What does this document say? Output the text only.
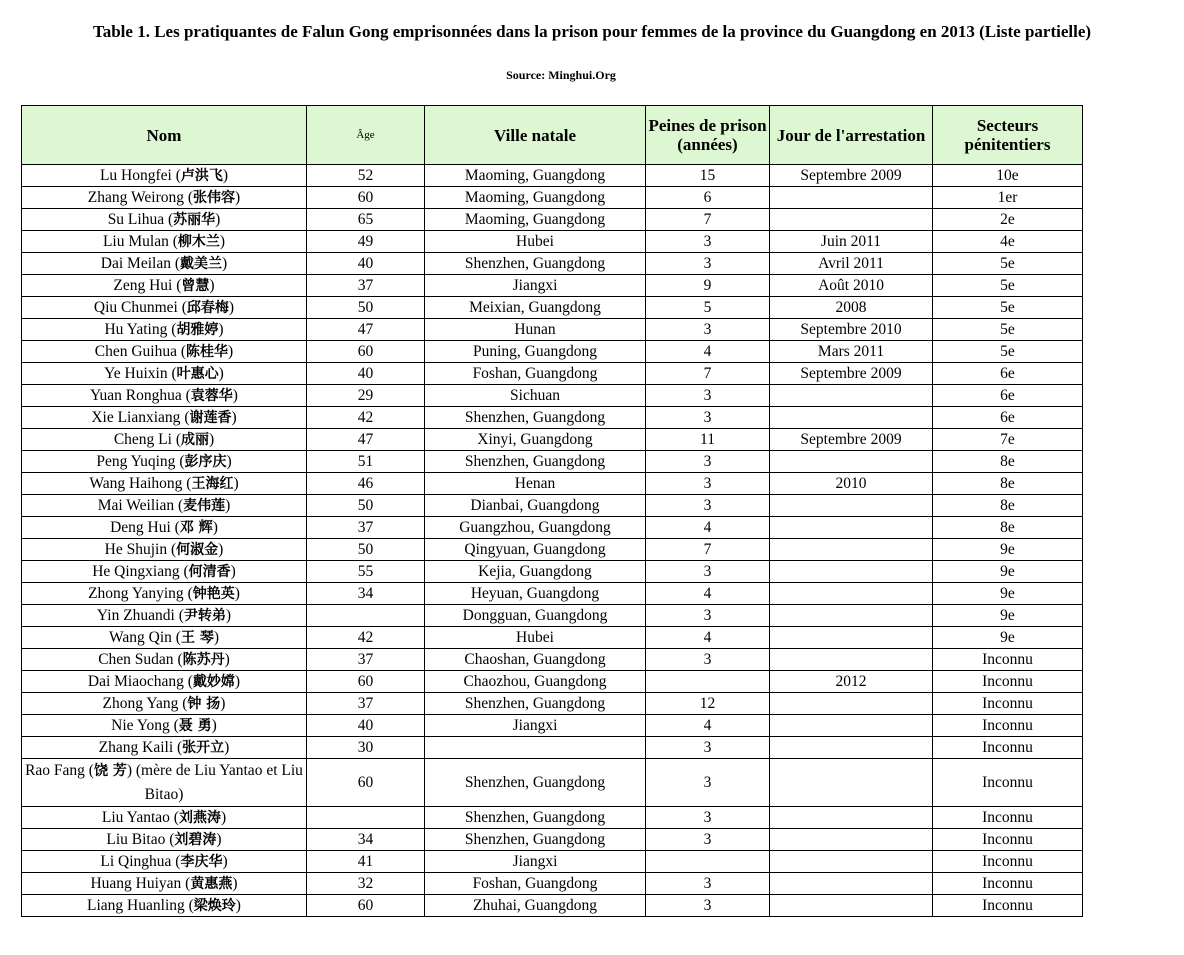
Table 1. Les pratiquantes de Falun Gong emprisonnées dans la prison pour femmes de la province du Guangdong en 2013 (Liste partielle)
Source: Minghui.Org
Nom	Âge	Ville natale	Peines de prison (années)	Jour de l'arrestation	Secteurs pénitentiers
Lu Hongfei (卢洪飞)	52	Maoming, Guangdong	15	Septembre 2009	10e
Zhang Weirong (张伟容)	60	Maoming, Guangdong	6		1er
Su Lihua (苏丽华)	65	Maoming, Guangdong	7		2e
Liu Mulan (柳木兰)	49	Hubei	3	Juin 2011	4e
Dai Meilan (戴美兰)	40	Shenzhen, Guangdong	3	Avril 2011	5e
Zeng Hui (曾慧)	37	Jiangxi	9	Août 2010	5e
Qiu Chunmei (邱春梅)	50	Meixian, Guangdong	5	2008	5e
Hu Yating (胡雅婷)	47	Hunan	3	Septembre 2010	5e
Chen Guihua (陈桂华)	60	Puning, Guangdong	4	Mars 2011	5e
Ye Huixin (叶惠心)	40	Foshan, Guangdong	7	Septembre 2009	6e
Yuan Ronghua (袁蓉华)	29	Sichuan	3		6e
Xie Lianxiang (谢莲香)	42	Shenzhen, Guangdong	3		6e
Cheng Li (成丽)	47	Xinyi, Guangdong	11	Septembre 2009	7e
Peng Yuqing (彭序庆)	51	Shenzhen, Guangdong	3		8e
Wang Haihong (王海红)	46	Henan	3	2010	8e
Mai Weilian (麦伟莲)	50	Dianbai, Guangdong	3		8e
Deng Hui (邓 辉)	37	Guangzhou, Guangdong	4		8e
He Shujin (何淑金)	50	Qingyuan, Guangdong	7		9e
He Qingxiang (何清香)	55	Kejia, Guangdong	3		9e
Zhong Yanying (钟艳英)	34	Heyuan, Guangdong	4		9e
Yin Zhuandi (尹转弟)		Dongguan, Guangdong	3		9e
Wang Qin (王 琴)	42	Hubei	4		9e
Chen Sudan (陈苏丹)	37	Chaoshan, Guangdong	3		Inconnu
Dai Miaochang (戴妙嫦)	60	Chaozhou, Guangdong		2012	Inconnu
Zhong Yang (钟 扬)	37	Shenzhen, Guangdong	12		Inconnu
Nie Yong (聂 勇)	40	Jiangxi	4		Inconnu
Zhang Kaili (张开立)	30		3		Inconnu
Rao Fang (饶 芳) (mère de Liu Yantao et Liu Bitao)	60	Shenzhen, Guangdong	3		Inconnu
Liu Yantao (刘燕涛)		Shenzhen, Guangdong	3		Inconnu
Liu Bitao (刘碧涛)	34	Shenzhen, Guangdong	3		Inconnu
Li Qinghua (李庆华)	41	Jiangxi			Inconnu
Huang Huiyan (黄惠燕)	32	Foshan, Guangdong	3		Inconnu
Liang Huanling (梁焕玲)	60	Zhuhai, Guangdong	3		Inconnu
